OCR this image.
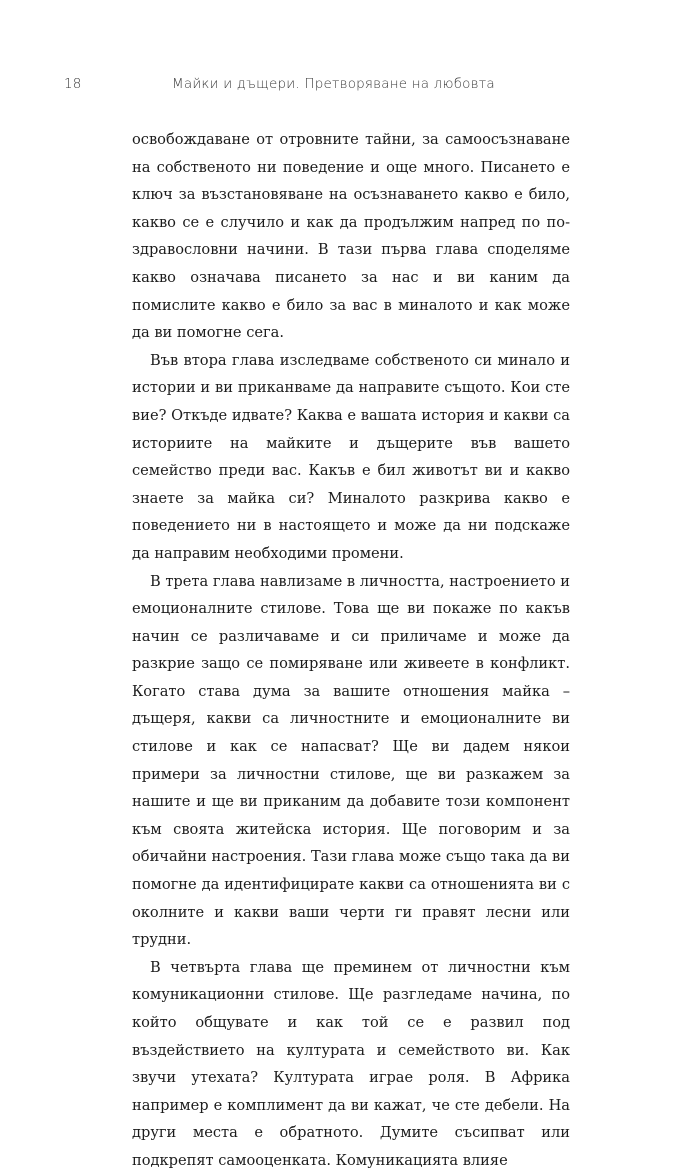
18	Майки и дъщери. Претворяване на любовта

освобождаване от отровните тайни, за самоосъзнаване на собственото ни поведение и още много. Писането е ключ за възстановяване на осъзнаването какво е било, какво се е случило и как да продължим напред по по-здравословни начини. В тази първа глава споделяме какво означава писането за нас и ви каним да помислите какво е било за вас в миналото и как може да ви помогне сега.

Във втора глава изследваме собственото си минало и истории и ви приканваме да направите същото. Кои сте вие? Откъде идвате? Каква е вашата история и какви са историите на майките и дъщерите във вашето семейство преди вас. Какъв е бил животът ви и какво знаете за майка си? Миналото разкрива какво е поведението ни в настоящето и може да ни подскаже да направим необходими промени.

В трета глава навлизаме в личността, настроението и емоционалните стилове. Това ще ви покаже по какъв начин се различаваме и си приличаме и може да разкрие защо се помиряване или живеете в конфликт. Когато става дума за вашите отношения майка – дъщеря, какви са личностните и емоционалните ви стилове и как се напасват? Ще ви дадем някои примери за личностни стилове, ще ви разкажем за нашите и ще ви приканим да добавите този компонент към своята житейска история. Ще поговорим и за обичайни настроения. Тази глава може също така да ви помогне да идентифицирате какви са отношенията ви с околните и какви ваши черти ги правят лесни или трудни.

В четвърта глава ще преминем от личностни към комуникационни стилове. Ще разгледаме начина, по който общувате и как той се е развил под въздействието на културата и семейството ви. Как звучи утехата? Културата играе роля. В Африка например е комплимент да ви кажат, че сте дебели. На други места е обратното. Думите съсипват или подкрепят самооценката. Комуникацията влияе
